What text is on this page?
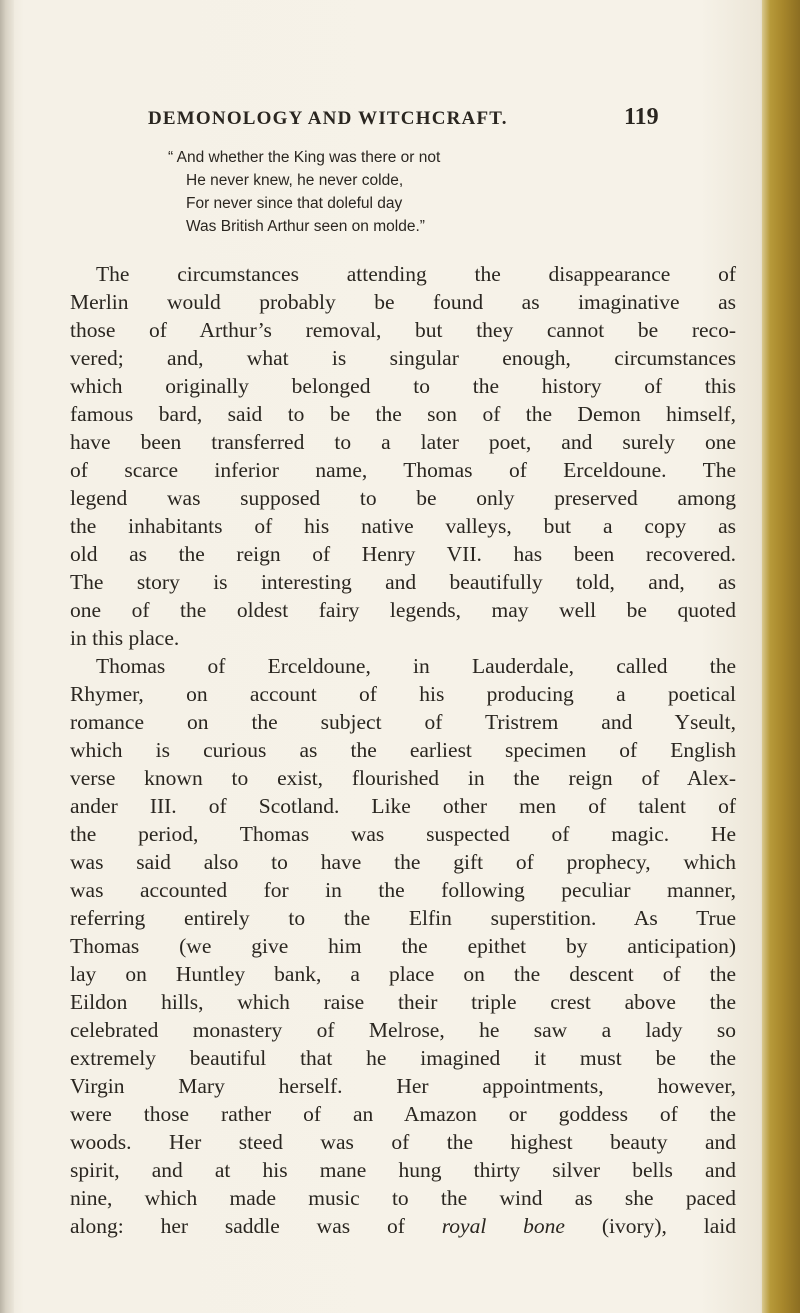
DEMONOLOGY AND WITCHCRAFT.	119
“ And whether the King was there or not
He never knew, he never colde,
For never since that doleful day
Was British Arthur seen on molde.”
The circumstances attending the disappearance of
Merlin would probably be found as imaginative as
those of Arthur’s removal, but they cannot be reco-
vered; and, what is singular enough, circumstances
which originally belonged to the history of this
famous bard, said to be the son of the Demon himself,
have been transferred to a later poet, and surely one
of scarce inferior name, Thomas of Erceldoune. The
legend was supposed to be only preserved among
the inhabitants of his native valleys, but a copy as
old as the reign of Henry VII. has been recovered.
The story is interesting and beautifully told, and, as
one of the oldest fairy legends, may well be quoted
in this place.
Thomas of Erceldoune, in Lauderdale, called the
Rhymer, on account of his producing a poetical
romance on the subject of Tristrem and Yseult,
which is curious as the earliest specimen of English
verse known to exist, flourished in the reign of Alex-
ander III. of Scotland. Like other men of talent of
the period, Thomas was suspected of magic. He
was said also to have the gift of prophecy, which
was accounted for in the following peculiar manner,
referring entirely to the Elfin superstition. As True
Thomas (we give him the epithet by anticipation)
lay on Huntley bank, a place on the descent of the
Eildon hills, which raise their triple crest above the
celebrated monastery of Melrose, he saw a lady so
extremely beautiful that he imagined it must be the
Virgin Mary herself. Her appointments, however,
were those rather of an Amazon or goddess of the
woods. Her steed was of the highest beauty and
spirit, and at his mane hung thirty silver bells and
nine, which made music to the wind as she paced
along: her saddle was of royal bone (ivory), laid
